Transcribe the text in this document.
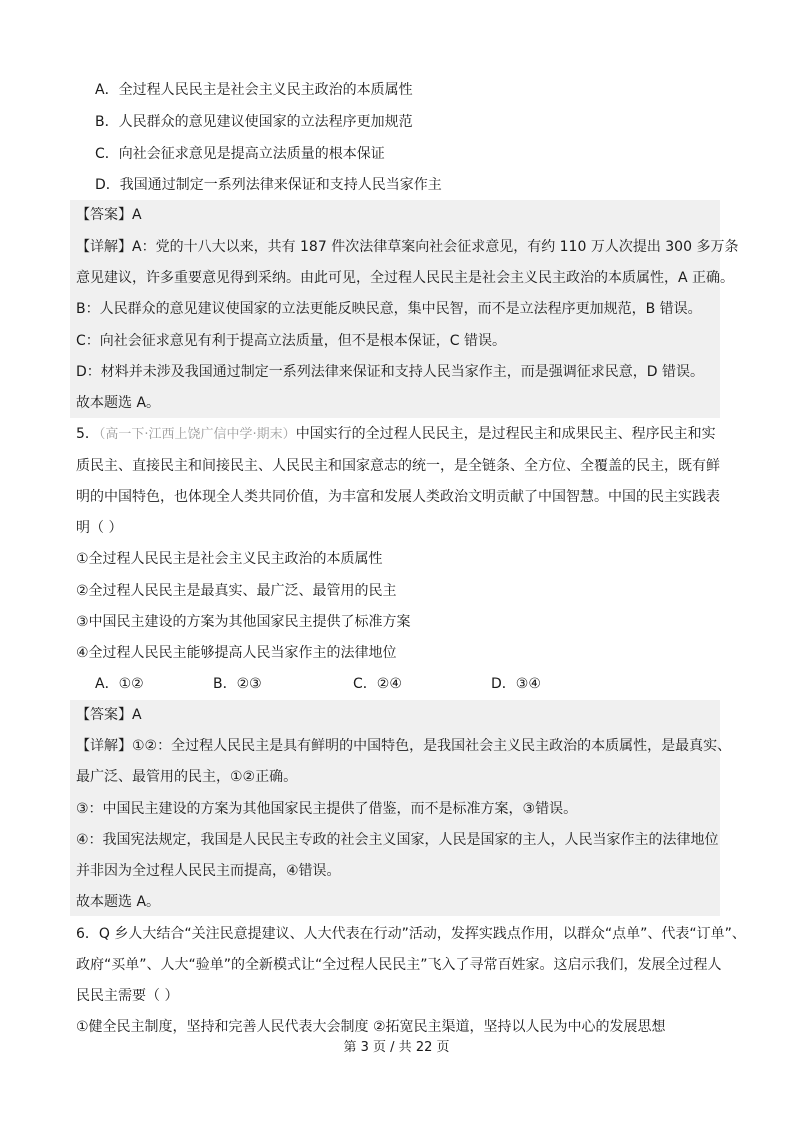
A．全过程人民民主是社会主义民主政治的本质属性
B．人民群众的意见建议使国家的立法程序更加规范
C．向社会征求意见是提高立法质量的根本保证
D．我国通过制定一系列法律来保证和支持人民当家作主
【答案】A
【详解】A：党的十八大以来，共有 187 件次法律草案向社会征求意见，有约 110 万人次提出 300 多万条
意见建议，许多重要意见得到采纳。由此可见，全过程人民民主是社会主义民主政治的本质属性，A 正确。
B：人民群众的意见建议使国家的立法更能反映民意，集中民智，而不是立法程序更加规范，B 错误。
C：向社会征求意见有利于提高立法质量，但不是根本保证，C 错误。
D：材料并未涉及我国通过制定一系列法律来保证和支持人民当家作主，而是强调征求民意，D 错误。
故本题选 A。
5．（高一下·江西上饶广信中学·期末）中国实行的全过程人民民主，是过程民主和成果民主、程序民主和实
质民主、直接民主和间接民主、人民民主和国家意志的统一，是全链条、全方位、全覆盖的民主，既有鲜
明的中国特色，也体现全人类共同价值，为丰富和发展人类政治文明贡献了中国智慧。中国的民主实践表
明（ ）
①全过程人民民主是社会主义民主政治的本质属性
②全过程人民民主是最真实、最广泛、最管用的民主
③中国民主建设的方案为其他国家民主提供了标准方案
④全过程人民民主能够提高人民当家作主的法律地位
A．①②	B．②③	C．②④	D．③④
【答案】A
【详解】①②：全过程人民民主是具有鲜明的中国特色，是我国社会主义民主政治的本质属性，是最真实、
最广泛、最管用的民主，①②正确。
③：中国民主建设的方案为其他国家民主提供了借鉴，而不是标准方案，③错误。
④：我国宪法规定，我国是人民民主专政的社会主义国家，人民是国家的主人，人民当家作主的法律地位
并非因为全过程人民民主而提高，④错误。
故本题选 A。
6．Q 乡人大结合“关注民意提建议、人大代表在行动”活动，发挥实践点作用，以群众“点单”、代表“订单”、
政府“买单”、人大“验单”的全新模式让“全过程人民民主”飞入了寻常百姓家。这启示我们，发展全过程人
民民主需要（ ）
①健全民主制度，坚持和完善人民代表大会制度 ②拓宽民主渠道，坚持以人民为中心的发展思想
第 3 页 / 共 22 页
